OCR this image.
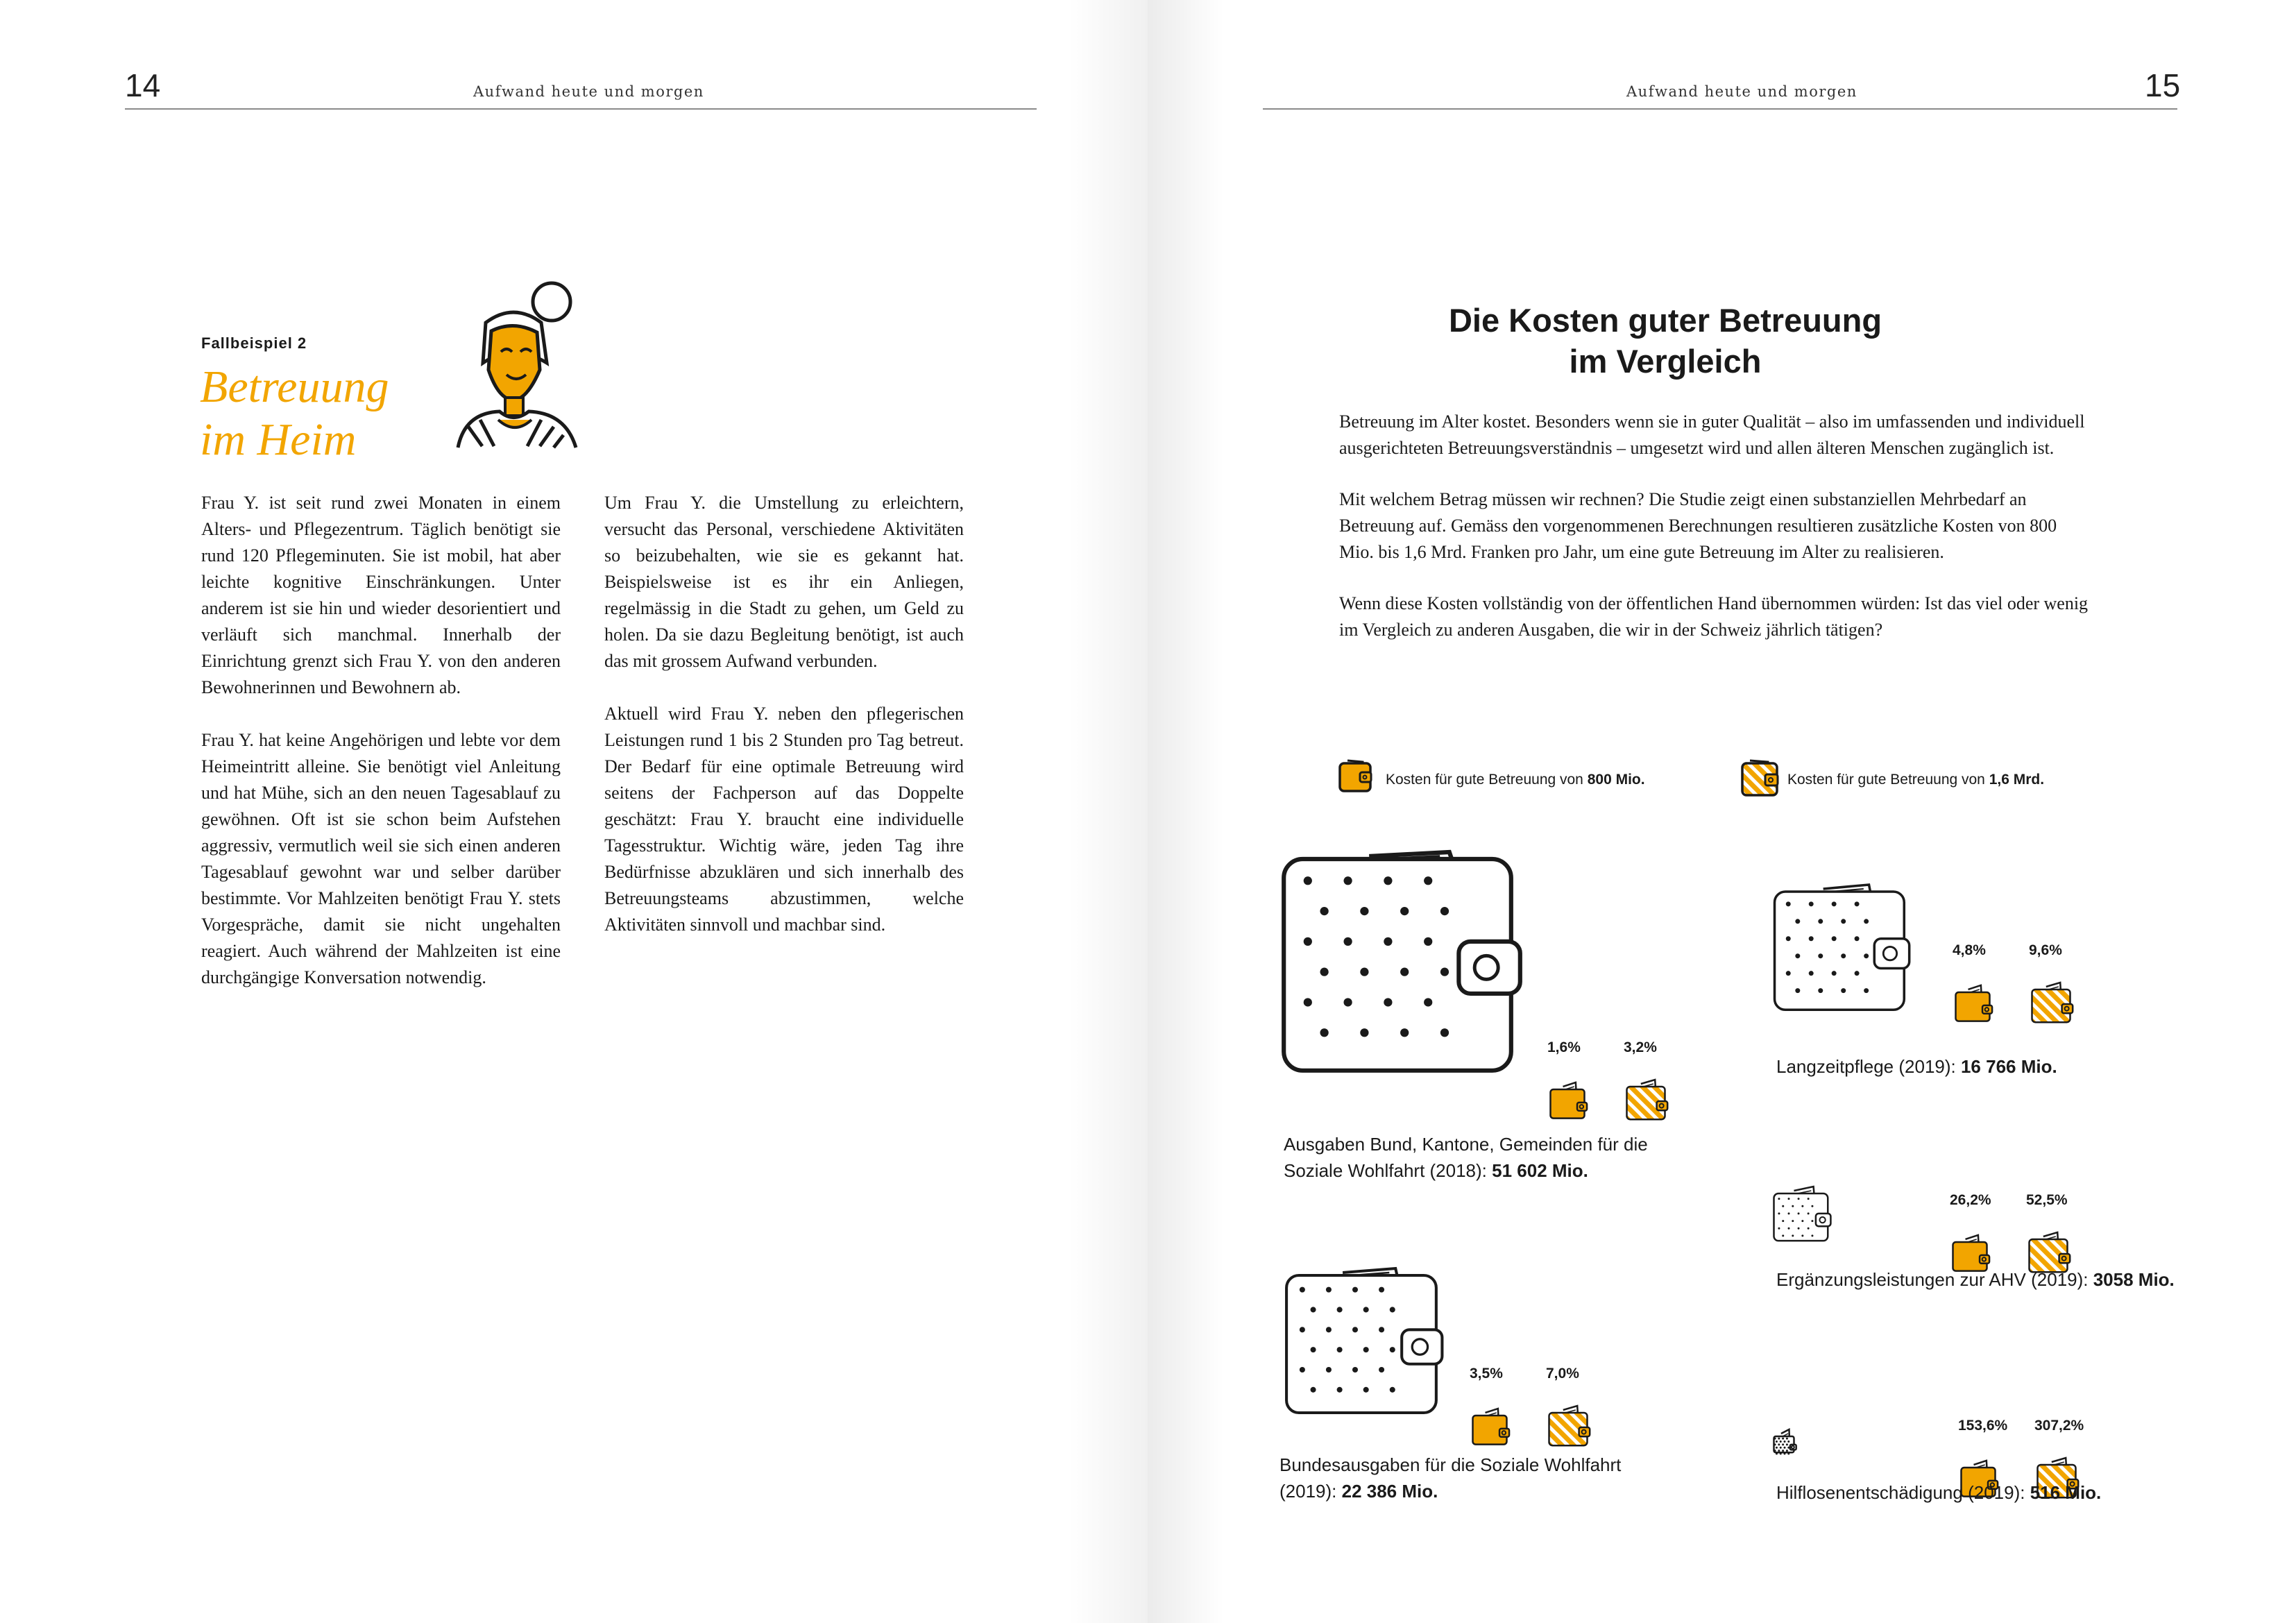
14	Aufwand heute und morgen
Fallbeispiel 2
Betreuung
im Heim

Frau Y. ist seit rund zwei Monaten in einem Alters- und Pflegezentrum. Täglich benötigt sie rund 120 Pflegeminuten. Sie ist mobil, hat aber leichte kognitive Einschränkungen. Unter anderem ist sie hin und wieder desorientiert und verläuft sich manchmal. Innerhalb der Einrichtung grenzt sich Frau Y. von den anderen Bewohnerinnen und Bewohnern ab.

Frau Y. hat keine Angehörigen und lebte vor dem Heimeintritt alleine. Sie benötigt viel Anleitung und hat Mühe, sich an den neuen Tagesablauf zu gewöhnen. Oft ist sie schon beim Aufstehen aggressiv, vermutlich weil sie sich einen anderen Tagesablauf gewohnt war und selber darüber bestimmte. Vor Mahlzeiten benötigt Frau Y. stets Vorgespräche, damit sie nicht ungehalten reagiert. Auch während der Mahlzeiten ist eine durchgängige Konversation notwendig.

Um Frau Y. die Umstellung zu erleichtern, versucht das Personal, verschiedene Aktivitäten so beizubehalten, wie sie es gekannt hat. Beispielsweise ist es ihr ein Anliegen, regelmässig in die Stadt zu gehen, um Geld zu holen. Da sie dazu Begleitung benötigt, ist auch das mit grossem Aufwand verbunden.

Aktuell wird Frau Y. neben den pflegerischen Leistungen rund 1 bis 2 Stunden pro Tag betreut. Der Bedarf für eine optimale Betreuung wird seitens der Fachperson auf das Doppelte geschätzt: Frau Y. braucht eine individuelle Tagesstruktur. Wichtig wäre, jeden Tag ihre Bedürfnisse abzuklären und sich innerhalb des Betreuungsteams abzustimmen, welche Aktivitäten sinnvoll und machbar sind.

Aufwand heute und morgen	15
Die Kosten guter Betreuung
im Vergleich

Betreuung im Alter kostet. Besonders wenn sie in guter Qualität – also im umfassenden und individuell ausgerichteten Betreuungsverständnis – umgesetzt wird und allen älteren Menschen zugänglich ist.

Mit welchem Betrag müssen wir rechnen? Die Studie zeigt einen substanziellen Mehrbedarf an Betreuung auf. Gemäss den vorgenommenen Berechnungen resultieren zusätzliche Kosten von 800 Mio. bis 1,6 Mrd. Franken pro Jahr, um eine gute Betreuung im Alter zu realisieren.

Wenn diese Kosten vollständig von der öffentlichen Hand übernommen würden: Ist das viel oder wenig im Vergleich zu anderen Ausgaben, die wir in der Schweiz jährlich tätigen?

Kosten für gute Betreuung von 800 Mio.	Kosten für gute Betreuung von 1,6 Mrd.
1,6%	3,2%
Ausgaben Bund, Kantone, Gemeinden für die Soziale Wohlfahrt (2018): 51 602 Mio.
4,8%	9,6%
Langzeitpflege (2019): 16 766 Mio.
26,2% 52,5%
Ergänzungsleistungen zur AHV (2019): 3058 Mio.
3,5%	7,0%
Bundesausgaben für die Soziale Wohlfahrt (2019): 22 386 Mio.
153,6% 307,2%
Hilflosenentschädigung (2019): 516 Mio.
